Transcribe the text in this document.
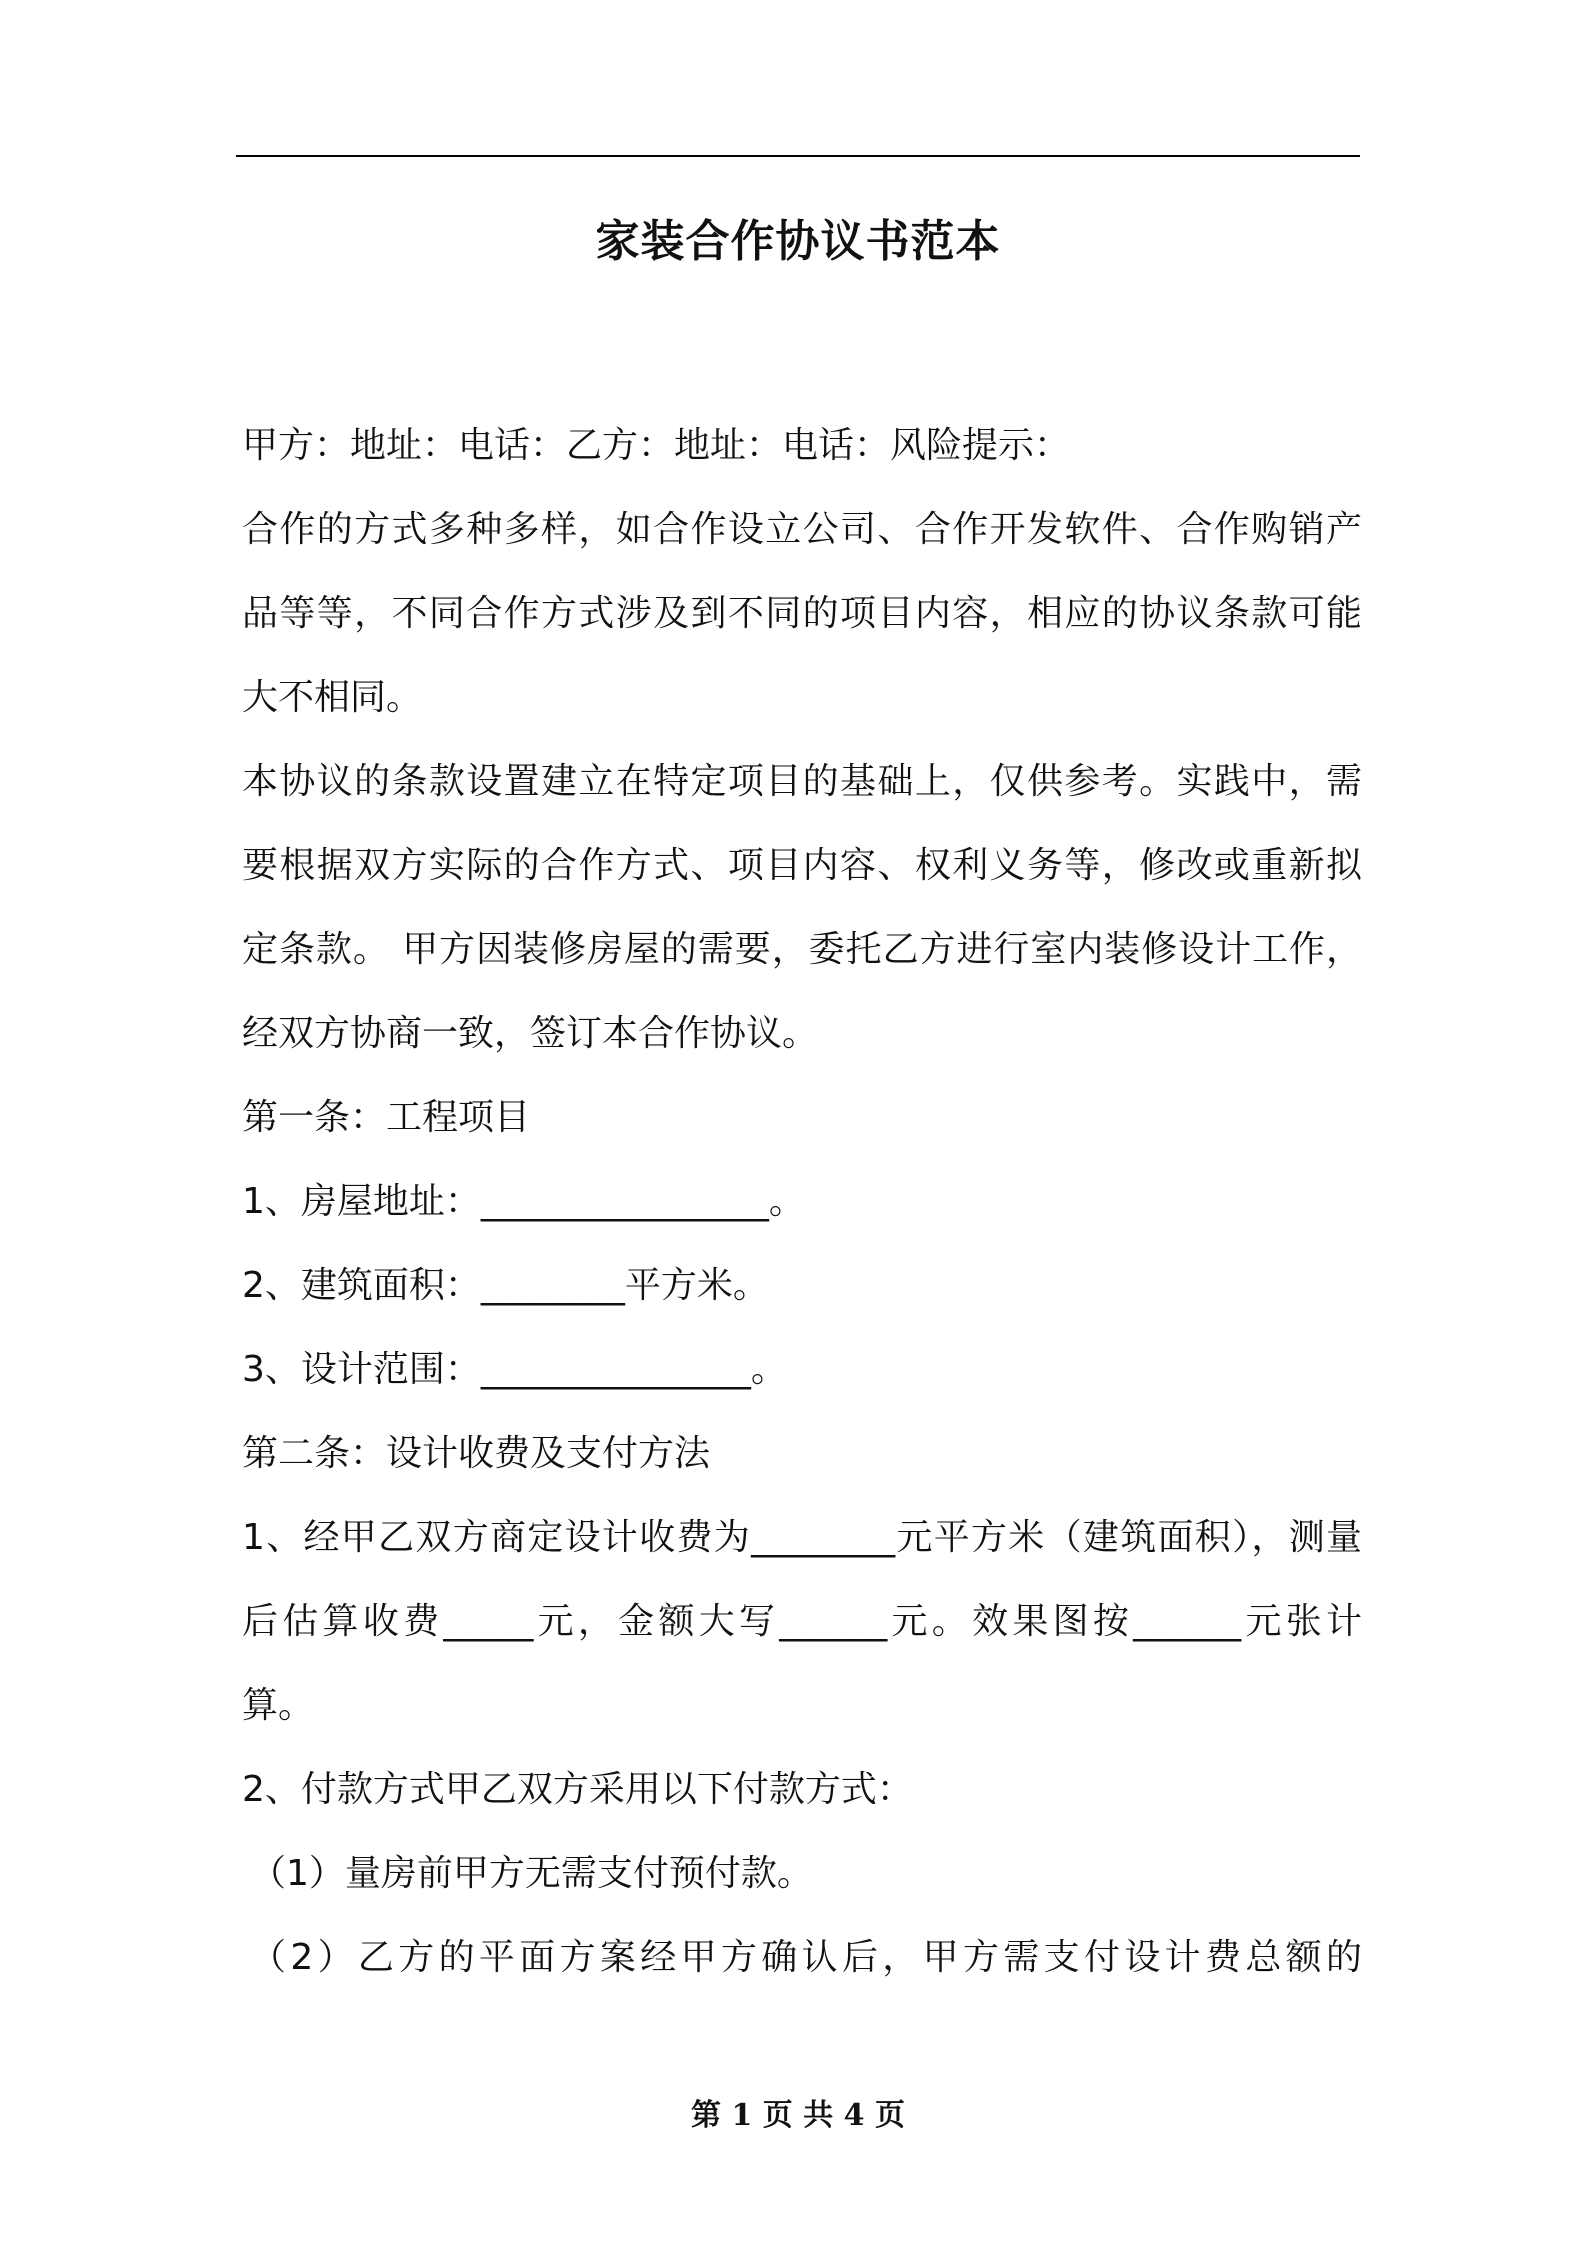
家装合作协议书范本
甲方：地址：电话：乙方：地址：电话：风险提示：
合作的方式多种多样，如合作设立公司、合作开发软件、合作购销产
品等等，不同合作方式涉及到不同的项目内容，相应的协议条款可能
大不相同。
本协议的条款设置建立在特定项目的基础上，仅供参考。实践中，需
要根据双方实际的合作方式、项目内容、权利义务等，修改或重新拟
定条款。 甲方因装修房屋的需要，委托乙方进行室内装修设计工作，
经双方协商一致，签订本合作协议。
第一条：工程项目
1、房屋地址：________________。
2、建筑面积：________平方米。
3、设计范围：_______________。
第二条：设计收费及支付方法
1、经甲乙双方商定设计收费为________元平方米（建筑面积），测量
后估算收费_____元，金额大写______元。效果图按______元张计
算。
2、付款方式甲乙双方采用以下付款方式：
（1）量房前甲方无需支付预付款。
（2）乙方的平面方案经甲方确认后，甲方需支付设计费总额的
第 1 页 共 4 页
